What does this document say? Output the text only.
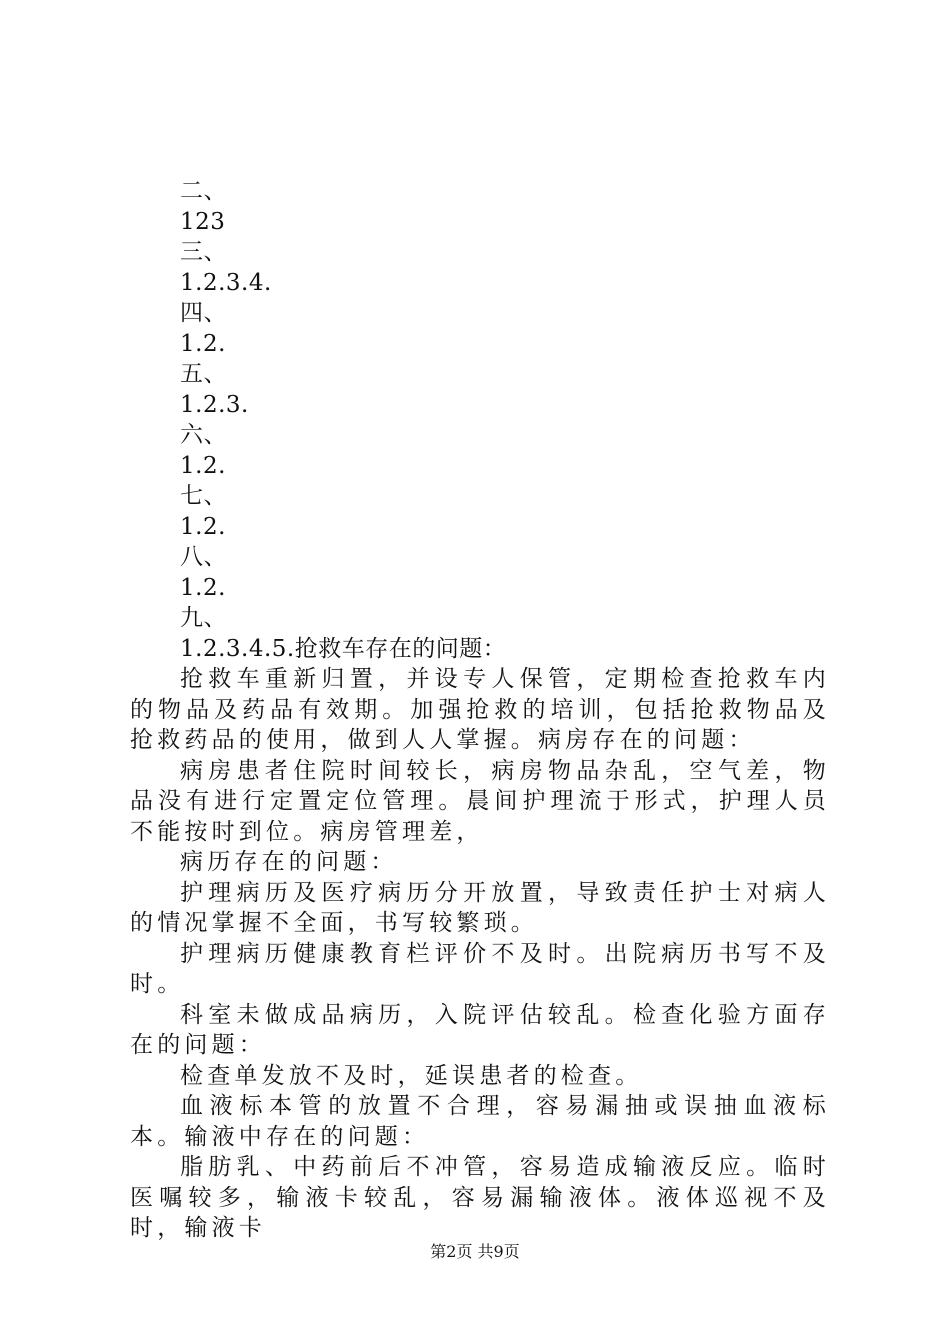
二、
123
三、
1.2.3.4.
四、
1.2.
五、
1.2.3.
六、
1.2.
七、
1.2.
八、
1.2.
九、
1.2.3.4.5.抢救车存在的问题：
抢救车重新归置，并设专人保管，定期检查抢救车内的物品及药品有效期。加强抢救的培训，包括抢救物品及抢救药品的使用，做到人人掌握。病房存在的问题：
病房患者住院时间较长，病房物品杂乱，空气差，物品没有进行定置定位管理。晨间护理流于形式，护理人员不能按时到位。病房管理差，
病历存在的问题：
护理病历及医疗病历分开放置，导致责任护士对病人的情况掌握不全面，书写较繁琐。
护理病历健康教育栏评价不及时。出院病历书写不及时。
科室未做成品病历，入院评估较乱。检查化验方面存在的问题：
检查单发放不及时，延误患者的检查。
血液标本管的放置不合理，容易漏抽或误抽血液标本。输液中存在的问题：
脂肪乳、中药前后不冲管，容易造成输液反应。临时医嘱较多，输液卡较乱，容易漏输液体。液体巡视不及时，输液卡
第2页 共9页
